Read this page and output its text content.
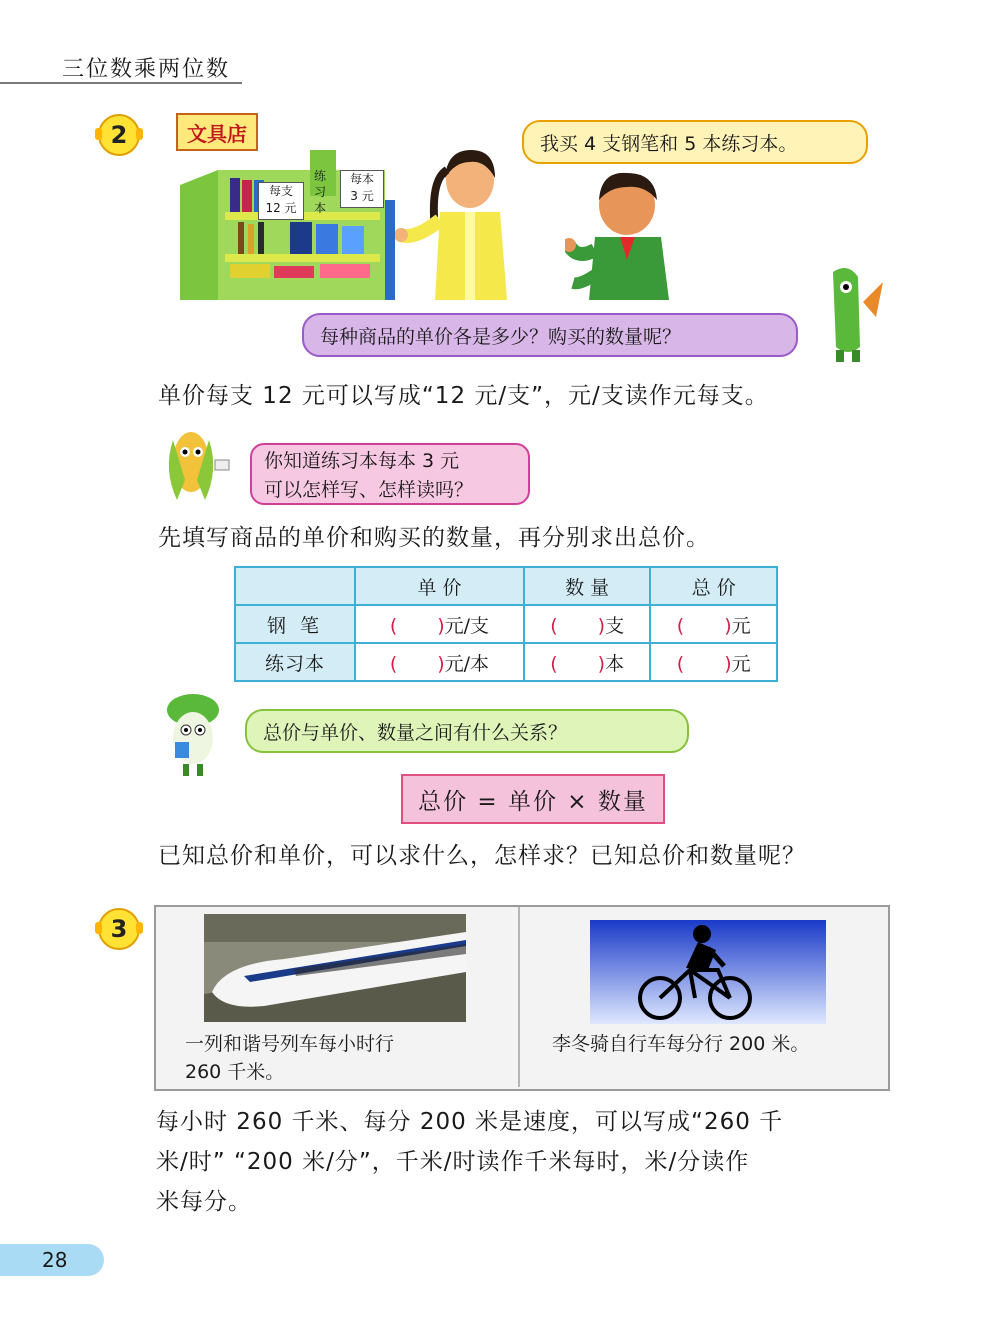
三位数乘两位数
2	文具店
每支
12 元
练
习
本
每本
3 元
我买 4 支钢笔和 5 本练习本。
每种商品的单价各是多少？购买的数量呢？
单价每支 12 元可以写成“12 元/支”，元/支读作元每支。
你知道练习本每本 3 元
可以怎样写、怎样读吗？
先填写商品的单价和购买的数量，再分别求出总价。
	单 价	数 量	总 价
钢 笔	( )元/支	( )支	( )元
练习本	( )元/本	( )本	( )元
总价与单价、数量之间有什么关系？
总价 = 单价 × 数量
已知总价和单价，可以求什么，怎样求？已知总价和数量呢？
3
一列和谐号列车每小时行
260 千米。
李冬骑自行车每分行 200 米。
每小时 260 千米、每分 200 米是速度，可以写成“260 千
米/时” “200 米/分”，千米/时读作千米每时，米/分读作
米每分。
28
